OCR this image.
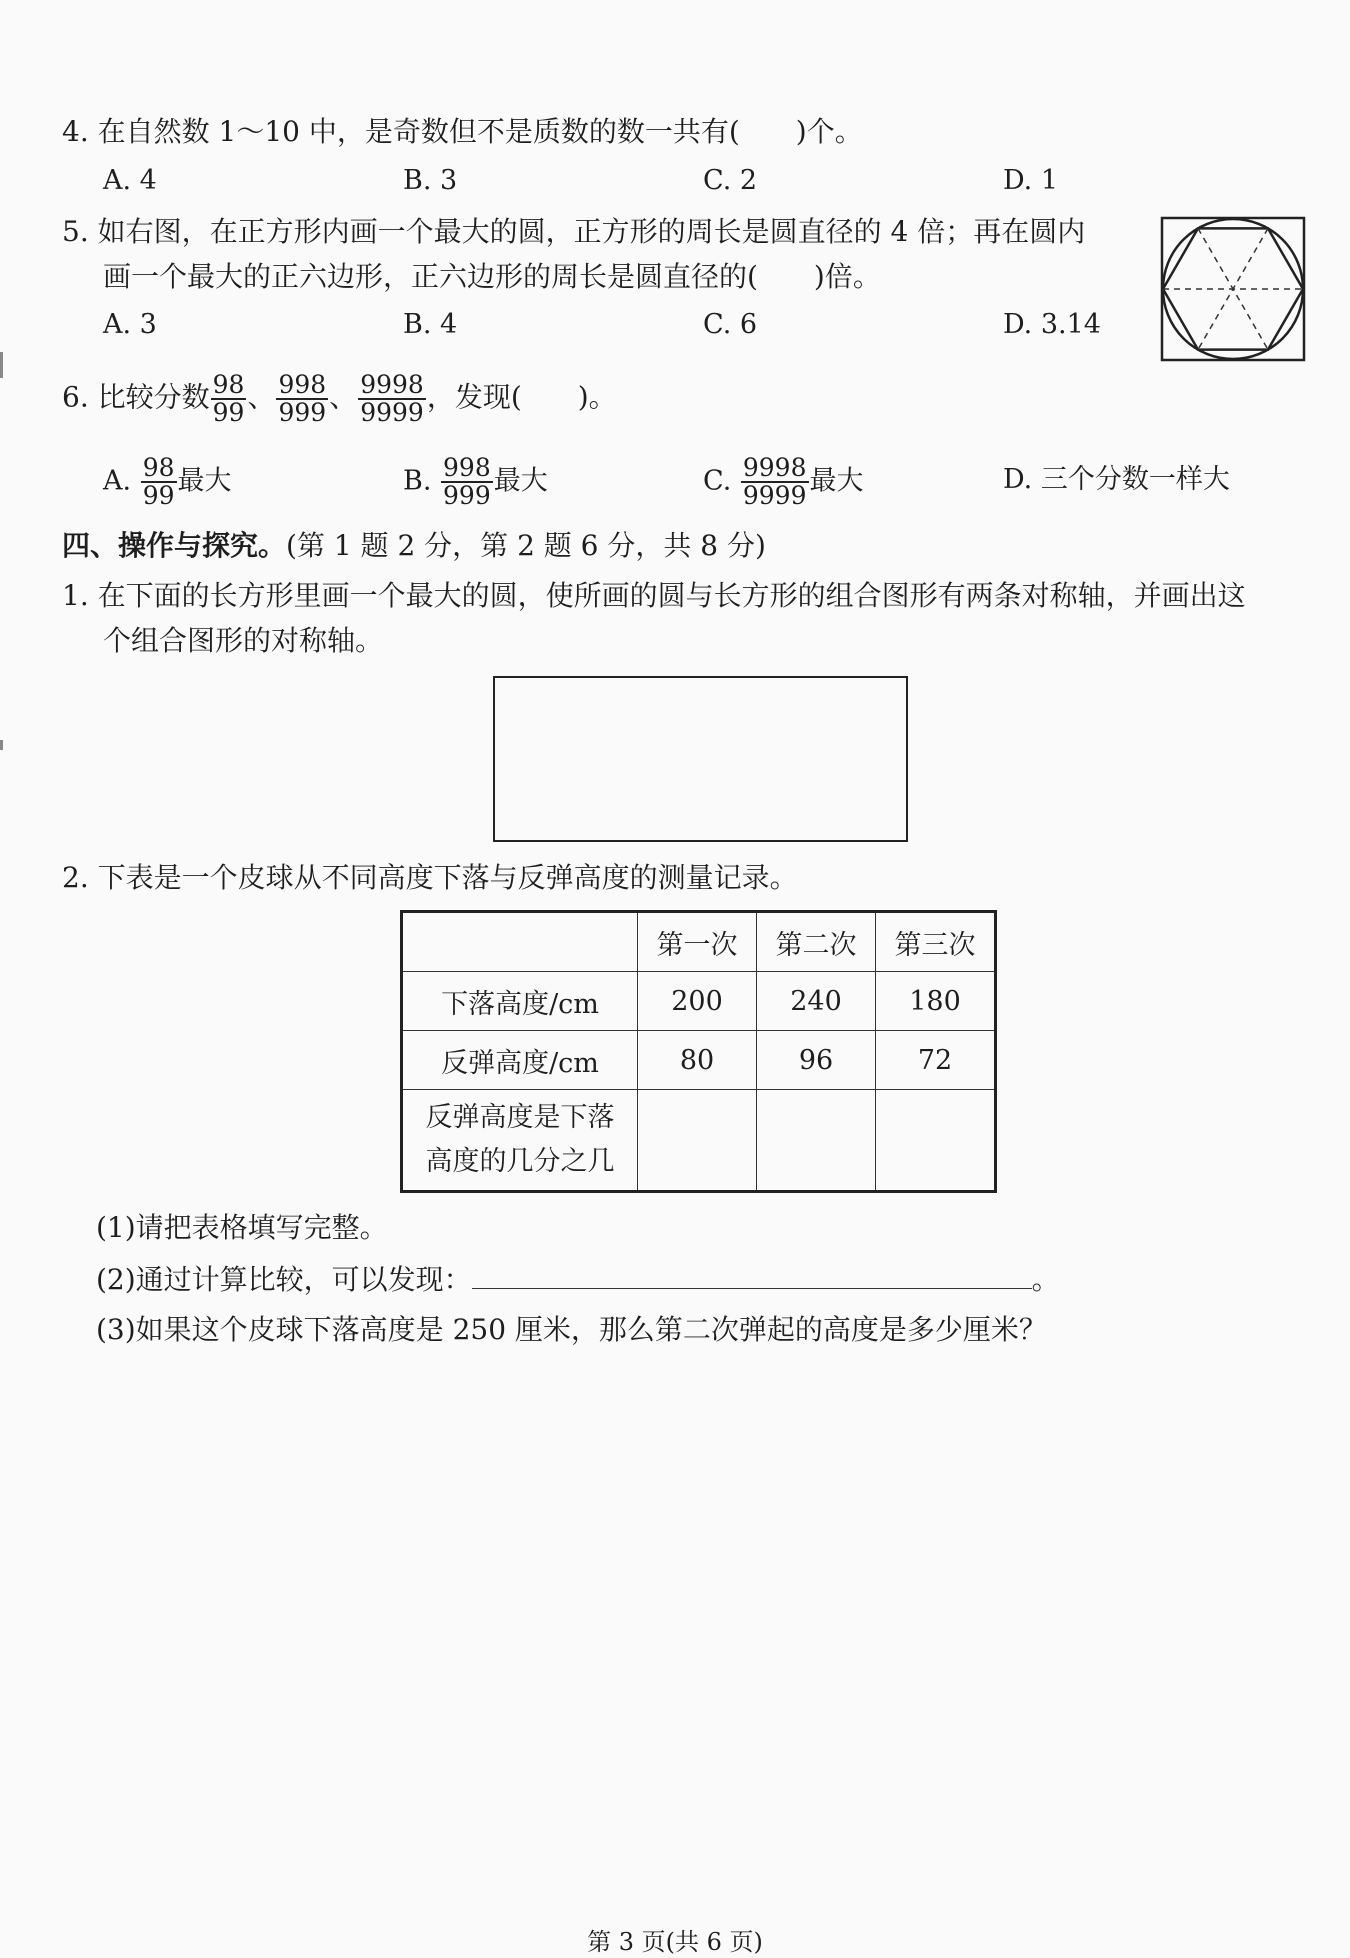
4. 在自然数 1～10 中，是奇数但不是质数的数一共有(　　)个。
A. 4	B. 3	C. 2	D. 1
5. 如右图，在正方形内画一个最大的圆，正方形的周长是圆直径的 4 倍；再在圆内
画一个最大的正六边形，正六边形的周长是圆直径的(　　)倍。
A. 3	B. 4	C. 6	D. 3.14
6. 比较分数 $\frac{98}{99}$ 、 $\frac{998}{999}$ 、 $\frac{9998}{9999}$ ，发现(　　)。
A. $\frac{98}{99}$ 最大	B. $\frac{998}{999}$ 最大	C. $\frac{9998}{9999}$ 最大	D. 三个分数一样大
四、操作与探究。(第 1 题 2 分，第 2 题 6 分，共 8 分)
1. 在下面的长方形里画一个最大的圆，使所画的圆与长方形的组合图形有两条对称轴，并画出这
个组合图形的对称轴。
2. 下表是一个皮球从不同高度下落与反弹高度的测量记录。
	第一次	第二次	第三次
下落高度/cm	200	240	180
反弹高度/cm	80	96	72

反弹高度是下落
高度的几分之几			

(1)请把表格填写完整。
(2)通过计算比较，可以发现：	。
(3)如果这个皮球下落高度是 250 厘米，那么第二次弹起的高度是多少厘米？
第 3 页(共 6 页)
